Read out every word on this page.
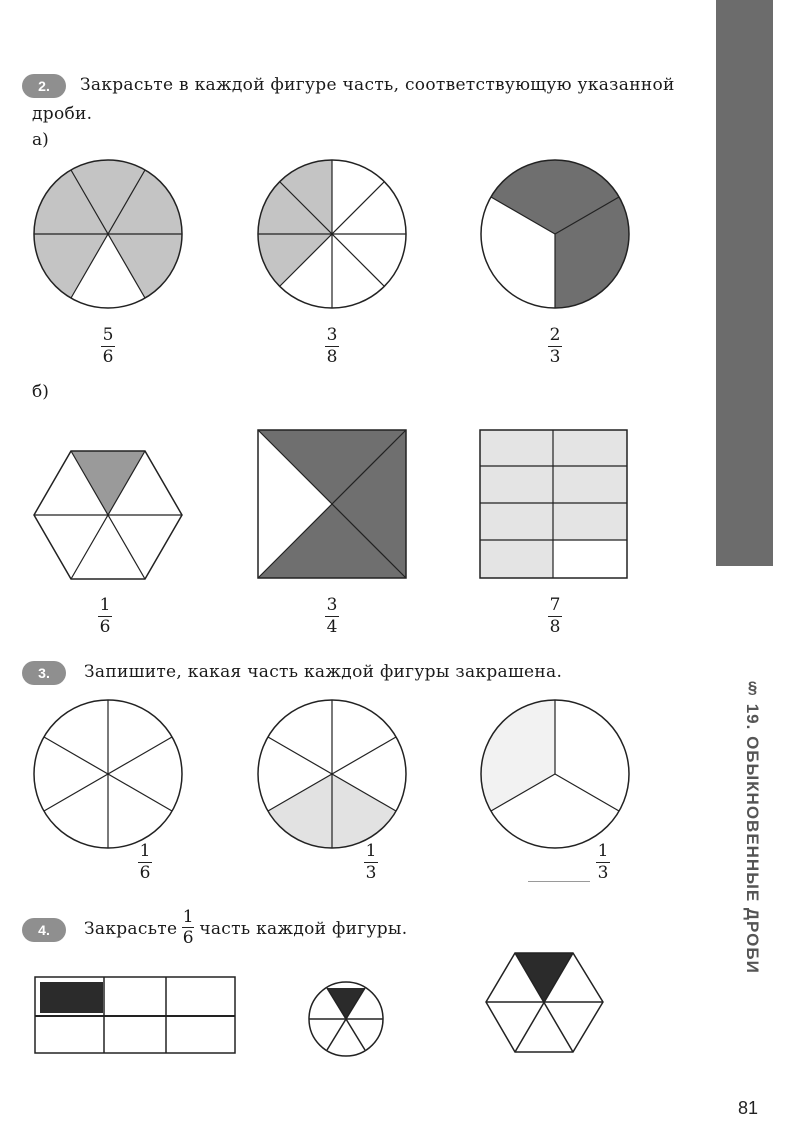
§ 19. ОБЫКНОВЕННЫЕ ДРОБИ
81
2.	Закрасьте в каждой фигуре часть, соответствующую указанной
дроби.
а)
5
6
3
8
2
3
б)
1
6
3
4
7
8
3.	Запишите, какая часть каждой фигуры закрашена.
1
6
1
3
1
3
4.	Закрасьте $\frac{1}{6}$ часть каждой фигуры.
